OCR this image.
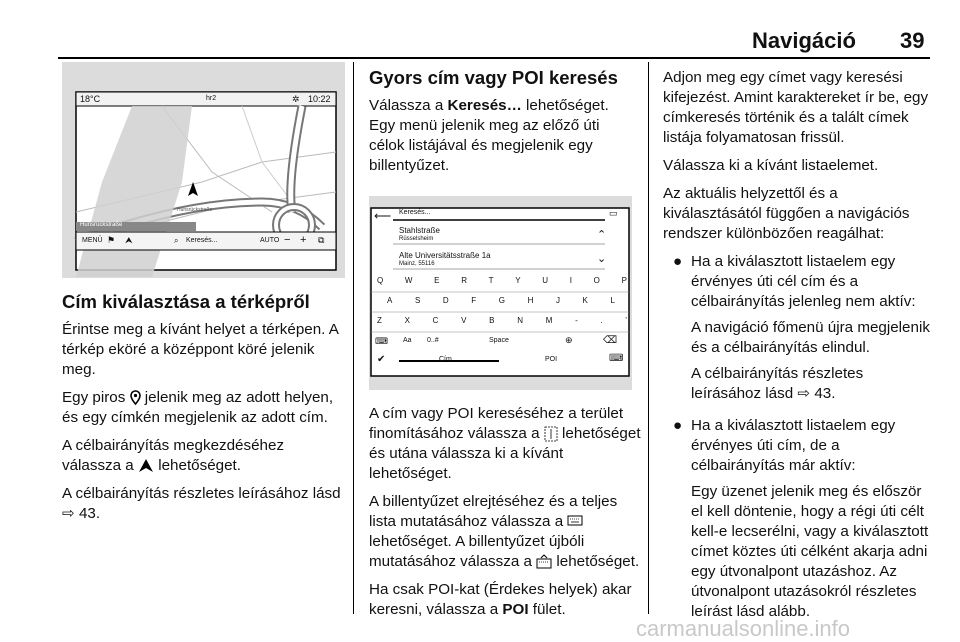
Navigáció 39
18°C	hr2	10:22
✲
Hunsrückstraße
Hunsrückstraße
MENÜ ⚑ ⮝	⌕ Keresés...	AUTO − + ⧉
Cím kiválasztása a térképről

Érintse meg a kívánt helyet a térképen. A térkép eköré a középpont köré jelenik meg.

Egy piros jelenik meg az adott helyen, és egy címkén megjelenik az adott cím.

A célbairányítás megkezdéséhez válassza a lehetőséget.

A célbairányítás részletes leírásához lásd ⇨ 43.

Gyors cím vagy POI keresés

Válassza a Keresés… lehetőséget. Egy menü jelenik meg az előző úti célok listájával és megjelenik egy billentyűzet.

⟵ Keresés...	▭
Stahlstraße
Rüsselsheim	⌃
Alte Universitätsstraße 1a
Mainz, 55116	⌄
Q	W	E	R	T	Y	U	I	O	P
A	S	D	F	G	H	J	K	L
Z	X	C	V	B	N	M	-	.	'
⌨ Aa 0..#	Space	⊕	⌫
✔	Cím	POI	⌨

A cím vagy POI kereséséhez a terület finomításához válassza a lehetőséget és utána válassza ki a kívánt lehetőséget.

A billentyűzet elrejtéséhez és a teljes lista mutatásához válassza a  lehetőséget. A billentyűzet újbóli mutatásához válassza a lehetőséget.

Ha csak POI-kat (Érdekes helyek) akar keresni, válassza a POI fület.

Adjon meg egy címet vagy keresési kifejezést. Amint karaktereket ír be, egy címkeresés történik és a talált címek listája folyamatosan frissül.

Válassza ki a kívánt listaelemet.

Az aktuális helyzettől és a kiválasztásától függően a navigációs rendszer különbözően reagálhat:

● Ha a kiválasztott listaelem egy érvényes úti cél cím és a célbairányítás jelenleg nem aktív:

A navigáció főmenü újra megjelenik és a célbairányítás elindul.

A célbairányítás részletes leírásához lásd ⇨ 43.

● Ha a kiválasztott listaelem egy érvényes úti cím, de a célbairányítás már aktív:

Egy üzenet jelenik meg és először el kell döntenie, hogy a régi úti célt kell-e lecserélni, vagy a kiválasztott címet köztes úti célként akarja adni egy útvonalpont utazáshoz. Az útvonalpont utazásokról részletes leírást lásd alább.

carmanualsonline.info
